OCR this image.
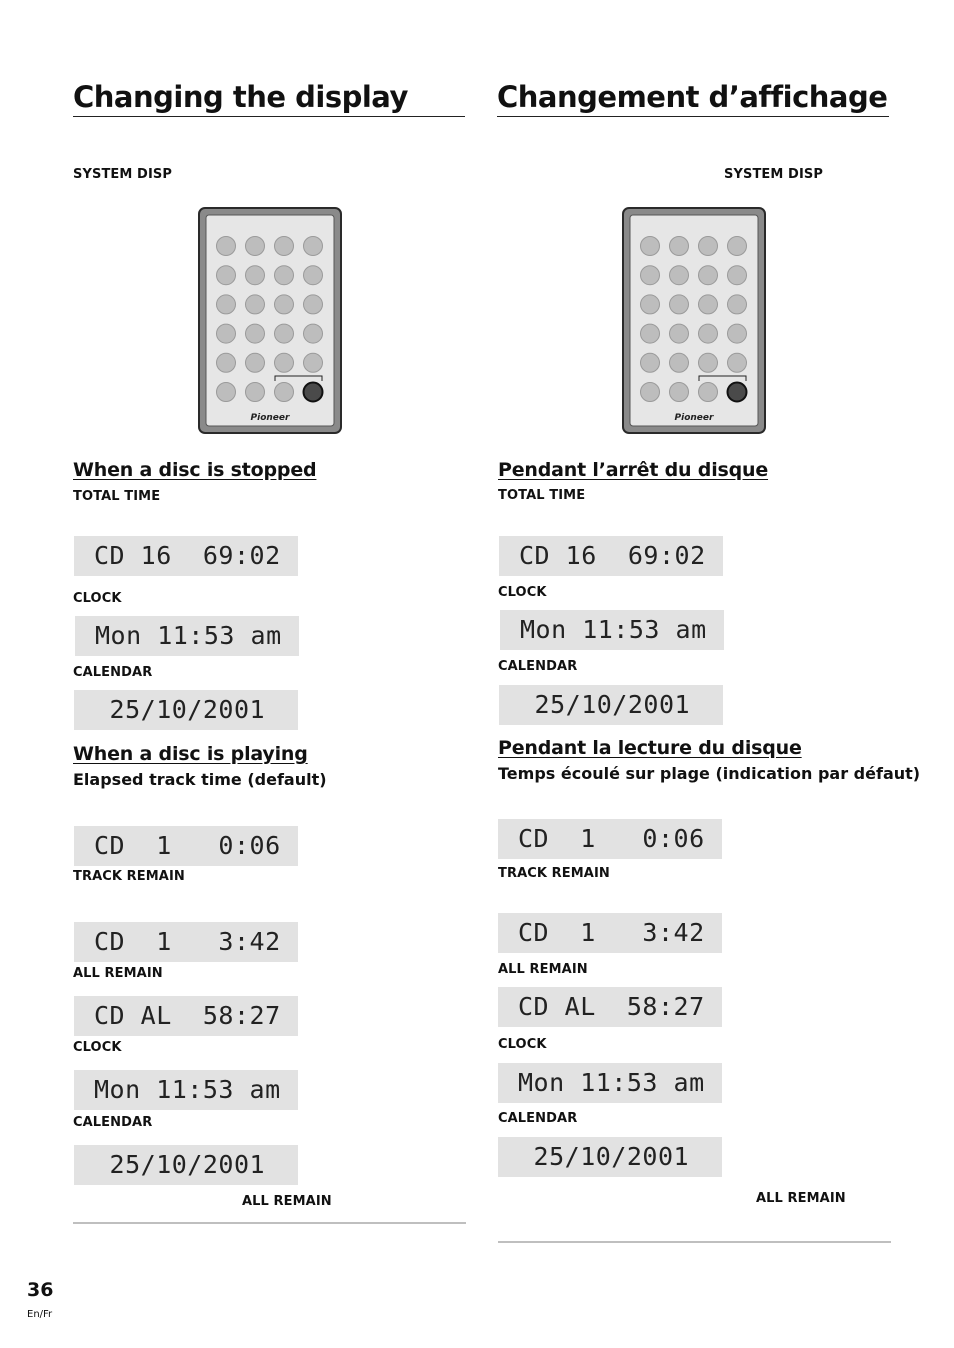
Changing the display
SYSTEM DISP
Pioneer
When a disc is stopped
TOTAL TIME
CD 16  69:02
CLOCK
Mon 11:53 am
CALENDAR
25/10/2001
When a disc is playing
Elapsed track time (default)
CD  1   0:06
TRACK REMAIN
CD  1   3:42
ALL REMAIN
CD AL  58:27
CLOCK
Mon 11:53 am
CALENDAR
25/10/2001
ALL REMAIN
Changement d’affichage
SYSTEM DISP
Pioneer
Pendant l’arrêt du disque
TOTAL TIME
CD 16  69:02
CLOCK
Mon 11:53 am
CALENDAR
25/10/2001
Pendant la lecture du disque
Temps écoulé sur plage (indication par défaut)
CD  1   0:06
TRACK REMAIN
CD  1   3:42
ALL REMAIN
CD AL  58:27
CLOCK
Mon 11:53 am
CALENDAR
25/10/2001
ALL REMAIN
36
En/Fr
